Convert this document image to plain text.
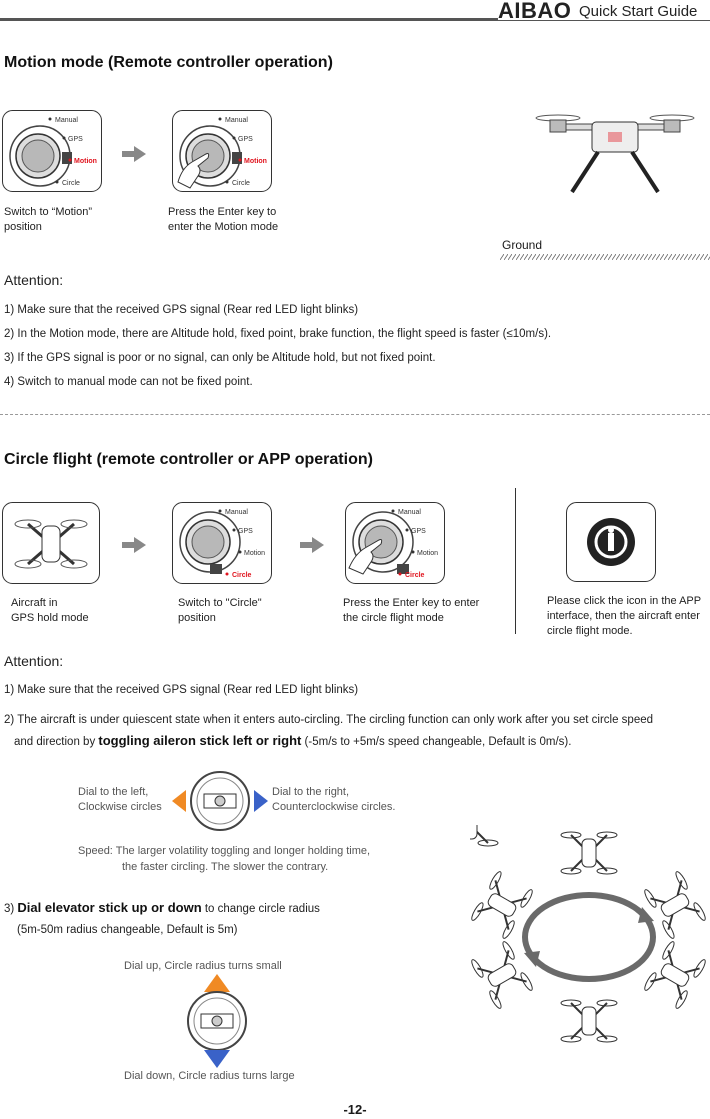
AIBAO Quick Start Guide
Motion mode (Remote controller operation)
Manual
GPS
Motion
Circle
Switch to “Motion”
position
Manual
GPS
Motion
Circle
Press the Enter key to
enter the Motion mode
Ground
Attention:
1) Make sure that the received GPS signal (Rear red LED light blinks)
2) In the Motion mode, there are Altitude hold, fixed point, brake function, the flight speed is faster (≤10m/s).
3) If the GPS signal is poor or no signal, can only be Altitude hold, but not fixed point.
4) Switch to manual mode can not be fixed point.
Circle flight (remote controller or APP operation)
Aircraft in
GPS hold mode
Manual
GPS
Motion
Circle
Switch to "Circle"
position
Manual
GPS
Motion
Circle
Press the Enter key to enter
the circle flight mode
Please click the icon in the APP
interface, then the aircraft enter
circle flight mode.
Attention:
1) Make sure that the received GPS signal (Rear red LED light blinks)
2) The aircraft is under quiescent state when it enters auto-circling. The circling function can only work after you set circle speed
and direction by toggling aileron stick left or right (-5m/s to +5m/s speed changeable, Default is 0m/s).
Dial to the left,
Clockwise circles
Dial to the right,
Counterclockwise circles.
Speed: The larger volatility toggling and longer holding time,
the faster circling. The slower the contrary.
3) Dial elevator stick up or down to change circle radius
(5m-50m radius changeable, Default is 5m)
Dial up, Circle radius turns small
Dial down, Circle radius turns large
-12-
